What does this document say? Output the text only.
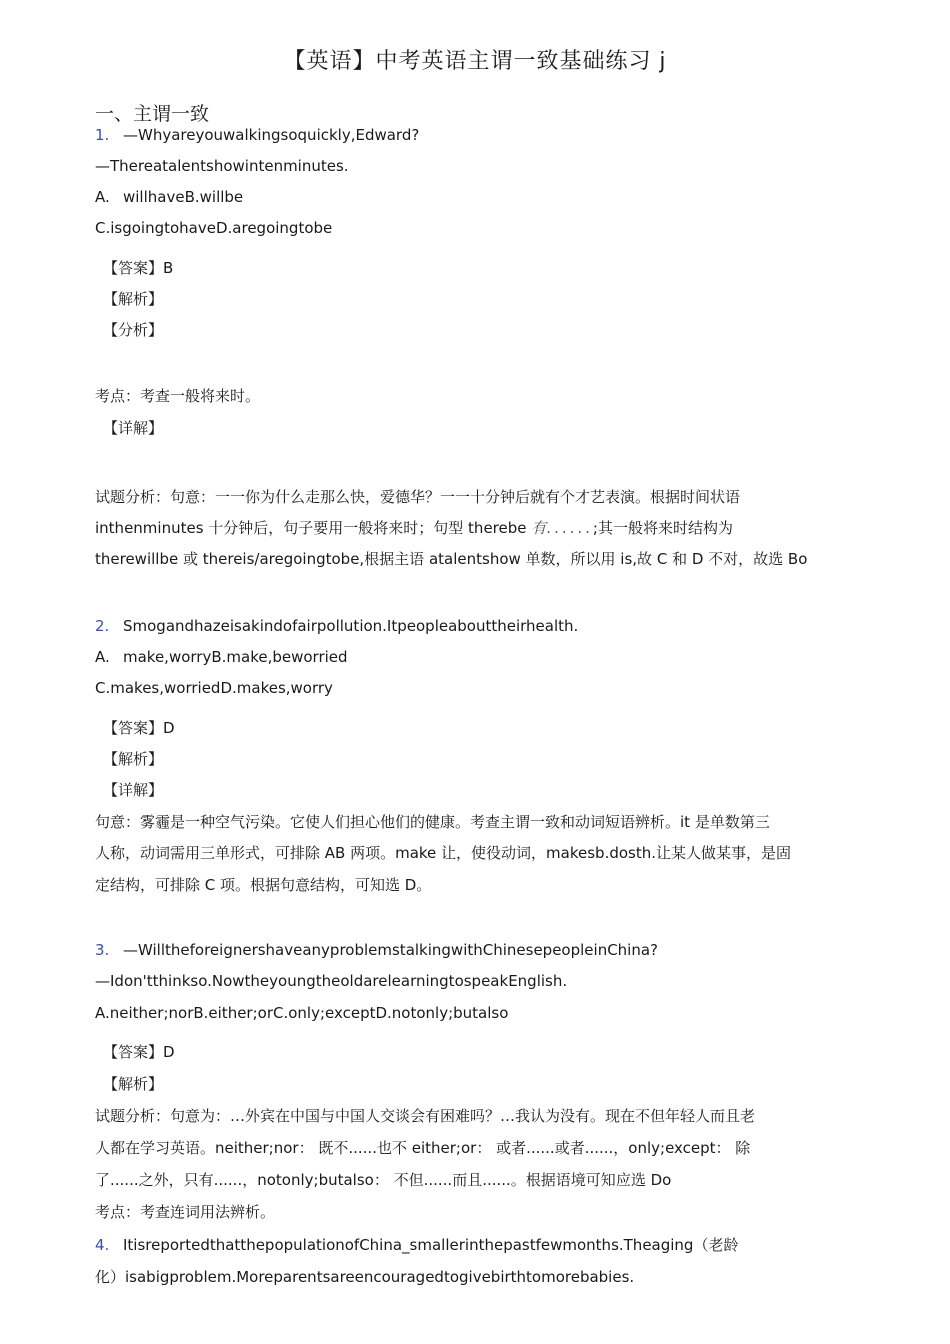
【英语】中考英语主谓一致基础练习 j
一、主谓一致
1. —Whyareyouwalkingsoquickly,Edward?
—Thereatalentshowintenminutes.
A. willhaveB.willbe
C.isgoingtohaveD.aregoingtobe
【答案】B
【解析】
【分析】
考点：考查一般将来时。
【详解】
试题分析：句意：一一你为什么走那么快，爱德华？一一十分钟后就有个才艺表演。根据时间状语
inthenminutes 十分钟后，句子要用一般将来时；句型 therebe 有......;其一般将来时结构为
therewillbe 或 thereis/aregoingtobe,根据主语 atalentshow 单数，所以用 is,故 C 和 D 不对，故选 Bo
2. Smogandhazeisakindofairpollution.Itpeopleabouttheirhealth.
A. make,worryB.make,beworried
C.makes,worriedD.makes,worry
【答案】D
【解析】
【详解】
句意：雾霾是一种空气污染。它使人们担心他们的健康。考查主谓一致和动词短语辨析。it 是单数第三
人称，动词需用三单形式，可排除 AB 两项。make 让，使役动词，makesb.dosth.让某人做某事，是固
定结构，可排除 C 项。根据句意结构，可知选 D。
3. —WilltheforeignershaveanyproblemstalkingwithChinesepeopleinChina?
—Idon'tthinkso.NowtheyoungtheoldarelearningtospeakEnglish.
A.neither;norB.either;orC.only;exceptD.notonly;butalso
【答案】D
【解析】
试题分析：句意为：…外宾在中国与中国人交谈会有困难吗？…我认为没有。现在不但年轻人而且老
人都在学习英语。neither;nor： 既不......也不 either;or： 或者......或者......，only;except： 除
了......之外，只有......，notonly;butalso： 不但......而且......。根据语境可知应选 Do
考点：考查连词用法辨析。
4. ItisreportedthatthepopulationofChina_smallerinthepastfewmonths.Theaging（老龄
化）isabigproblem.Moreparentsareencouragedtogivebirthtomorebabies.
